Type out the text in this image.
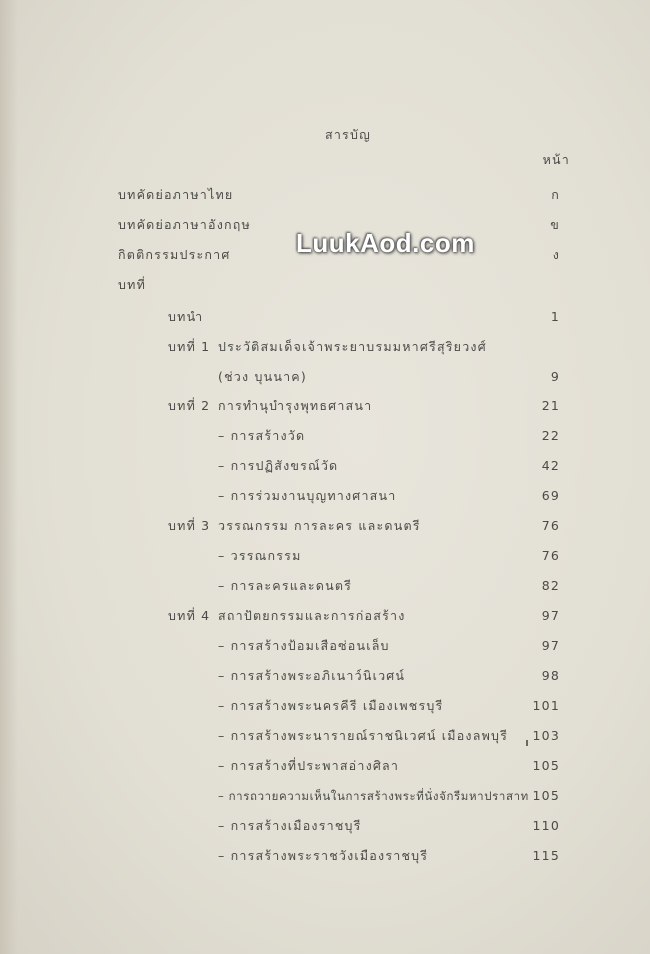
สารบัญ
หน้า
บทคัดย่อภาษาไทย	ก
บทคัดย่อภาษาอังกฤษ	ข
กิตติกรรมประกาศ	ง
บทที่
บทนำ	1
บทที่ 1 ประวัติสมเด็จเจ้าพระยาบรมมหาศรีสุริยวงศ์
(ช่วง บุนนาค)	9
บทที่ 2 การทำนุบำรุงพุทธศาสนา	21
– การสร้างวัด	22
– การปฏิสังขรณ์วัด	42
– การร่วมงานบุญทางศาสนา	69
บทที่ 3 วรรณกรรม การละคร และดนตรี	76
– วรรณกรรม	76
– การละครและดนตรี	82
บทที่ 4 สถาปัตยกรรมและการก่อสร้าง	97
– การสร้างป้อมเสือซ่อนเล็บ	97
– การสร้างพระอภิเนาว์นิเวศน์	98
– การสร้างพระนครคีรี เมืองเพชรบุรี	101
– การสร้างพระนารายณ์ราชนิเวศน์ เมืองลพบุรี	103
– การสร้างที่ประพาสอ่างศิลา	105
– การถวายความเห็นในการสร้างพระที่นั่งจักรีมหาปราสาท 105
– การสร้างเมืองราชบุรี	110
– การสร้างพระราชวังเมืองราชบุรี	115
LuukAod.com
